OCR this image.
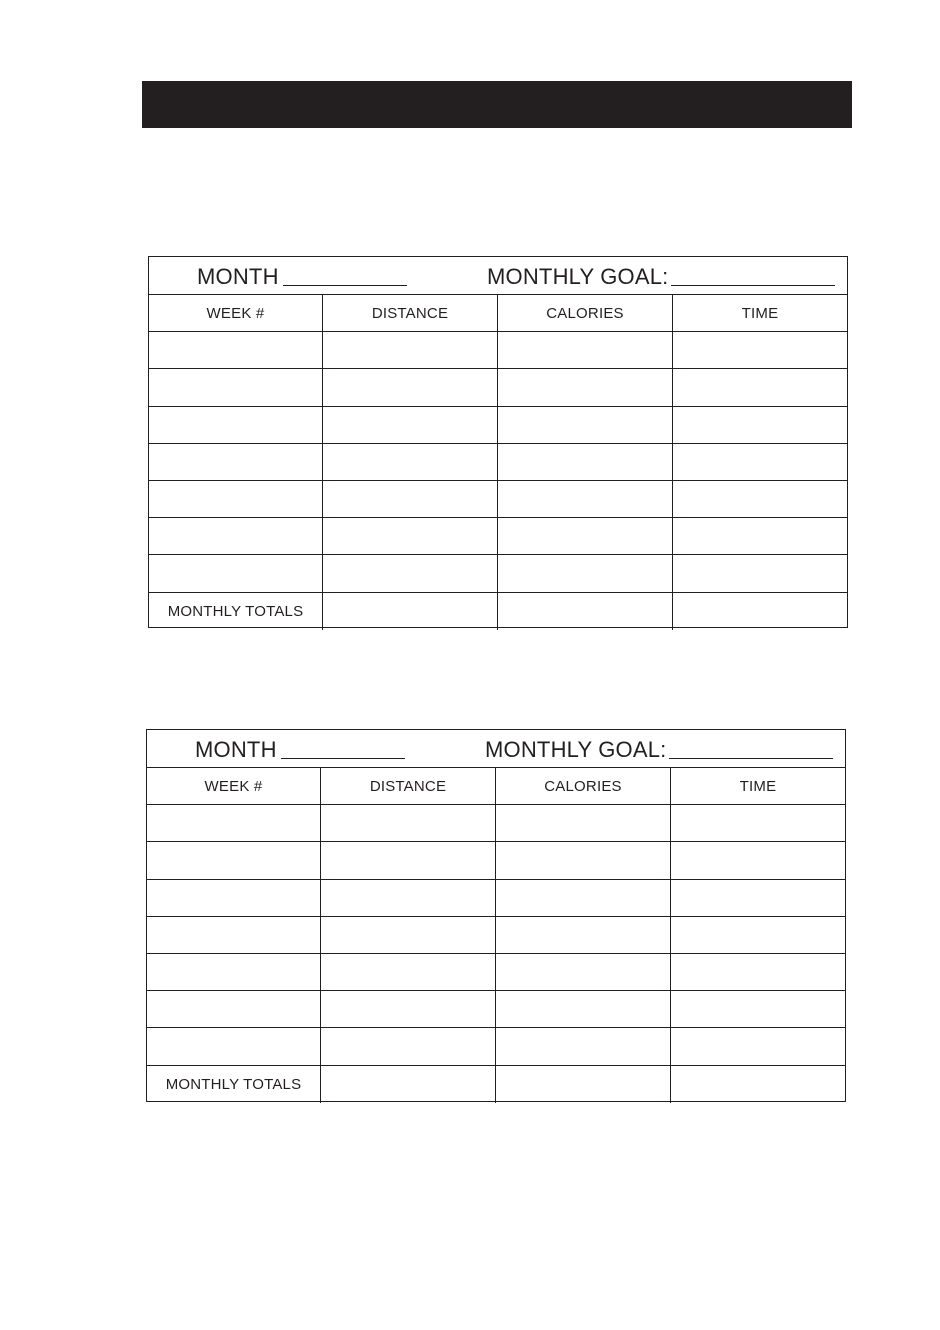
MONTH	MONTHLY GOAL:
WEEK #	DISTANCE	CALORIES	TIME
MONTHLY TOTALS
MONTH	MONTHLY GOAL:
WEEK #	DISTANCE	CALORIES	TIME
MONTHLY TOTALS
